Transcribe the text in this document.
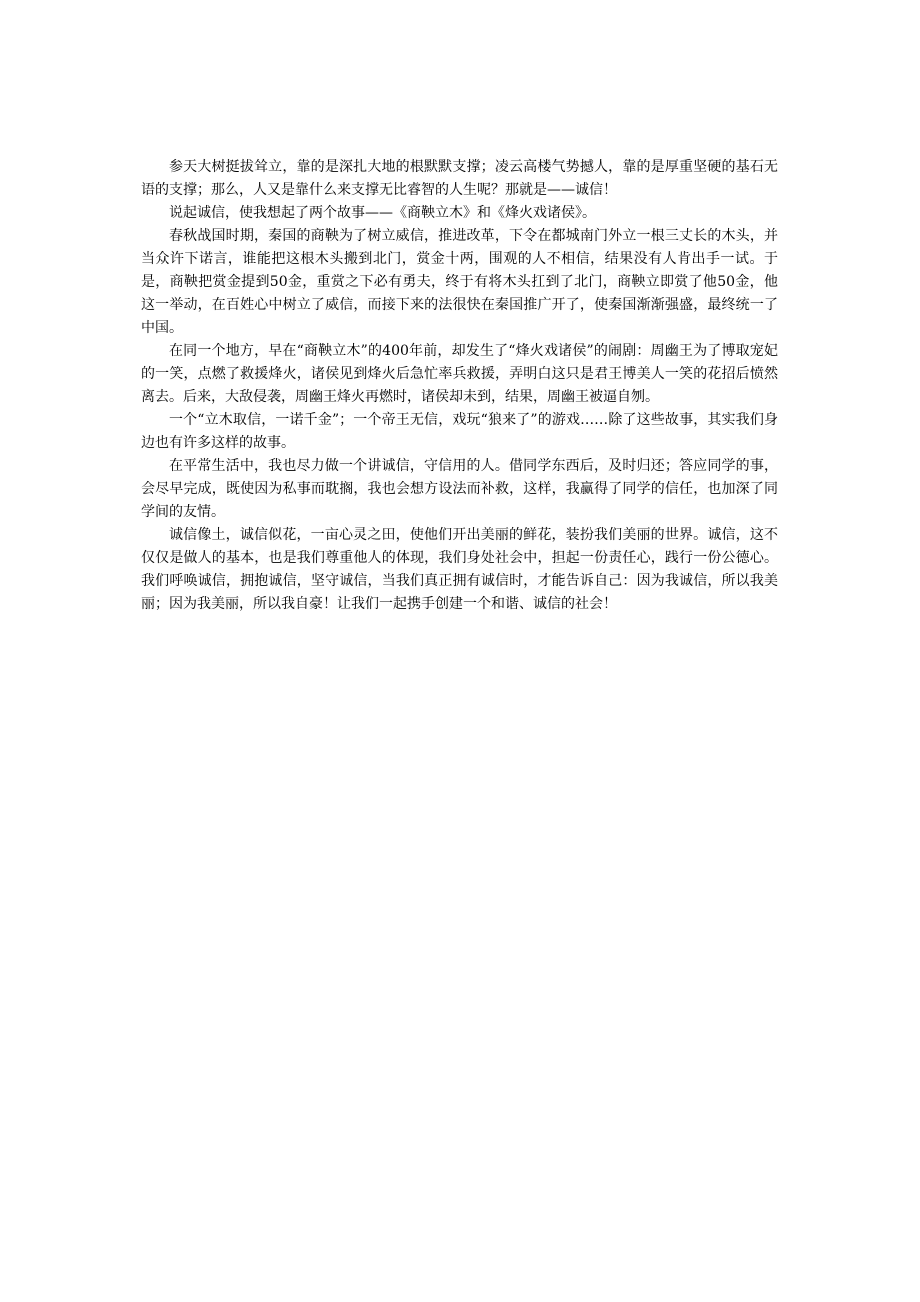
参天大树挺拔耸立，靠的是深扎大地的根默默支撑；凌云高楼气势撼人，靠的是厚重坚硬的基石无语的支撑；那么，人又是靠什么来支撑无比睿智的人生呢？那就是——诚信！

说起诚信，使我想起了两个故事——《商鞅立木》和《烽火戏诸侯》。

春秋战国时期，秦国的商鞅为了树立威信，推进改革，下令在都城南门外立一根三丈长的木头，并当众许下诺言，谁能把这根木头搬到北门，赏金十两，围观的人不相信，结果没有人肯出手一试。于是，商鞅把赏金提到50金，重赏之下必有勇夫，终于有将木头扛到了北门，商鞅立即赏了他50金，他这一举动，在百姓心中树立了威信，而接下来的法很快在秦国推广开了，使秦国渐渐强盛，最终统一了中国。

在同一个地方，早在“商鞅立木”的400年前，却发生了“烽火戏诸侯”的闹剧：周幽王为了博取宠妃的一笑，点燃了救援烽火，诸侯见到烽火后急忙率兵救援，弄明白这只是君王博美人一笑的花招后愤然离去。后来，大敌侵袭，周幽王烽火再燃时，诸侯却未到，结果，周幽王被逼自刎。

一个“立木取信，一诺千金”；一个帝王无信，戏玩“狼来了”的游戏……除了这些故事，其实我们身边也有许多这样的故事。

在平常生活中，我也尽力做一个讲诚信，守信用的人。借同学东西后，及时归还；答应同学的事，会尽早完成，既使因为私事而耽搁，我也会想方设法而补救，这样，我赢得了同学的信任，也加深了同学间的友情。

诚信像土，诚信似花，一亩心灵之田，使他们开出美丽的鲜花，装扮我们美丽的世界。诚信，这不仅仅是做人的基本，也是我们尊重他人的体现，我们身处社会中，担起一份责任心，践行一份公德心。我们呼唤诚信，拥抱诚信，坚守诚信，当我们真正拥有诚信时，才能告诉自己：因为我诚信，所以我美丽；因为我美丽，所以我自豪！让我们一起携手创建一个和谐、诚信的社会！
